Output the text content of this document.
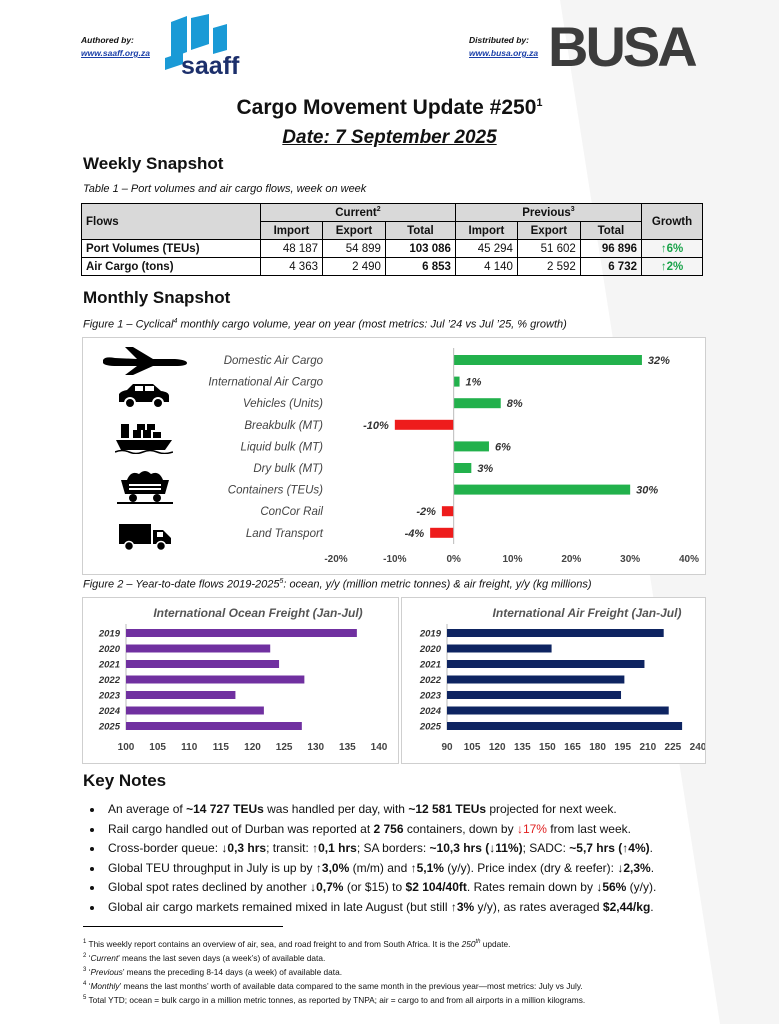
Authored by:
www.saaff.org.za saaff
Distributed by:
www.busa.org.za BUSA
Cargo Movement Update $\#250^1$
Date: 7 September 2025
Weekly Snapshot
Table 1 – Port volumes and air cargo flows, week on week
Flows	Current$^2$			Previous$^3$			Growth
	Import	Export	Total	Import	Export	Total	
Port Volumes (TEUs)	48 187	54 899	103 086	45 294	51 602	96 896	↑6%
Air Cargo (tons)	4 363	2 490	6 853	4 140	2 592	6 732	↑2%
Monthly Snapshot
Figure 1 – Cyclical$^4$ monthly cargo volume, year on year (most metrics: Jul ’24 vs Jul ’25, % growth)
Domestic Air Cargo	32%
International Air Cargo	1%
Vehicles (Units)	8%
Breakbulk (MT)	-10%
Liquid bulk (MT)	6%
Dry bulk (MT)	3%
Containers (TEUs)	30%
ConCor Rail	-2%
Land Transport	-4%
-20%	-10%	0%	10%	20%	30%	40%
Figure 2 – Year-to-date flows 2019-2025$^5$: ocean, y/y (million metric tonnes) & air freight, y/y (kg millions)
International Ocean Freight (Jan-Jul)
2019
2020
2021
2022
2023
2024
2025
100 105 110 115 120 125 130 135 140
International Air Freight (Jan-Jul)
2019
2020
2021
2022
2023
2024
2025
90 105 120 135 150 165 180 195 210 225 240
Key Notes
• An average of ~14 727 TEUs was handled per day, with ~12 581 TEUs projected for next week.
• Rail cargo handled out of Durban was reported at 2 756 containers, down by ↓17% from last week.
• Cross-border queue: ↓0,3 hrs; transit: ↑0,1 hrs; SA borders: ~10,3 hrs (↓11%); SADC: ~5,7 hrs (↑4%).
• Global TEU throughput in July is up by ↑3,0% (m/m) and ↑5,1% (y/y). Price index (dry & reefer): ↓2,3%.
• Global spot rates declined by another ↓0,7% (or $15) to $2 104/40ft. Rates remain down by ↓56% (y/y).
• Global air cargo markets remained mixed in late August (but still ↑3% y/y), as rates averaged $2,44/kg.
$^1$ This weekly report contains an overview of air, sea, and road freight to and from South Africa. It is the 250th update.
$^2$ ‘Current’ means the last seven days (a week’s) of available data.
$^3$ ‘Previous’ means the preceding 8-14 days (a week) of available data.
$^4$ ‘Monthly’ means the last months’ worth of available data compared to the same month in the previous year—most metrics: July vs July.
$^5$ Total YTD; ocean = bulk cargo in a million metric tonnes, as reported by TNPA; air = cargo to and from all airports in a million kilograms.
